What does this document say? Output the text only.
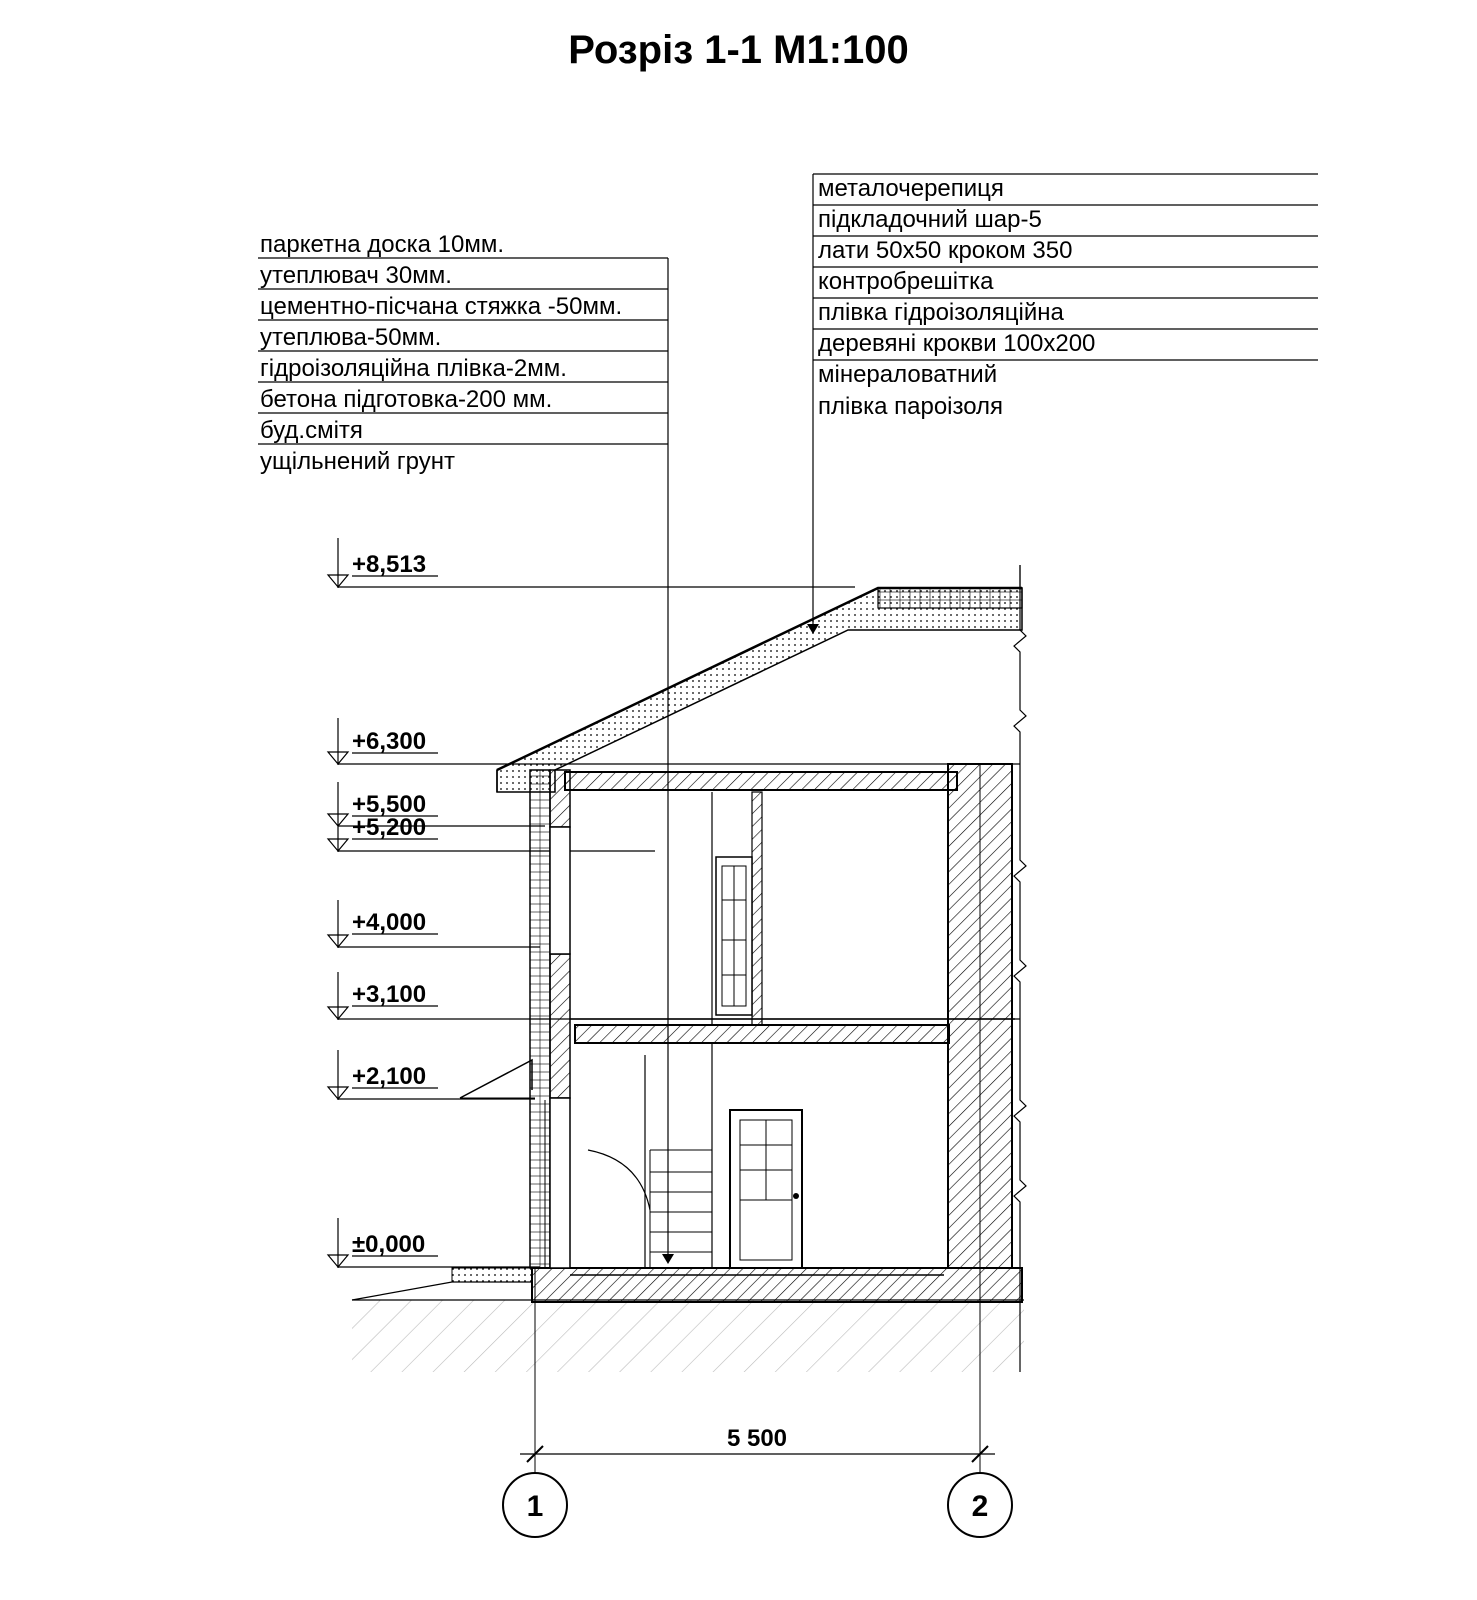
Розріз 1-1 М1:100
паркетна доска 10мм.
утеплювач 30мм.
цементно-пісчана стяжка -50мм.
утеплюва-50мм.
гідроізоляційна плівка-2мм.
бетона підготовка-200 мм.
буд.смітя
ущільнений грунт
металочерепиця
підкладочний шар-5
лати 50х50 кроком 350
контробрешітка
плівка гідроізоляційна
деревяні крокви 100х200
мінераловатний
плівка пароізоля
+8,513
+6,300
+5,500
+5,200
+4,000
+3,100
+2,100
±0,000
5 500
1	2
